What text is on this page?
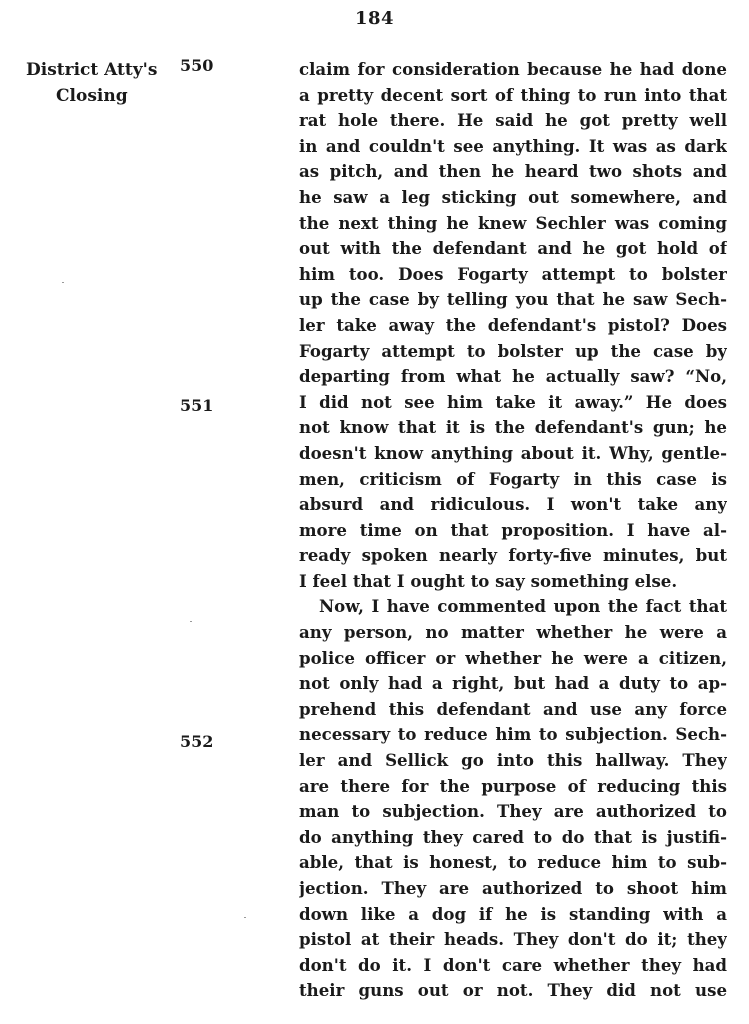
184
District Atty's
Closing
550
551
552
claim for consideration because he had done
a pretty decent sort of thing to run into that
rat hole there. He said he got pretty well
in and couldn't see anything. It was as dark
as pitch, and then he heard two shots and
he saw a leg sticking out somewhere, and
the next thing he knew Sechler was coming
out with the defendant and he got hold of
him too. Does Fogarty attempt to bolster
up the case by telling you that he saw Sech-
ler take away the defendant's pistol? Does
Fogarty attempt to bolster up the case by
departing from what he actually saw? “No,
I did not see him take it away.” He does
not know that it is the defendant's gun; he
doesn't know anything about it. Why, gentle-
men, criticism of Fogarty in this case is
absurd and ridiculous. I won't take any
more time on that proposition. I have al-
ready spoken nearly forty-five minutes, but
I feel that I ought to say something else.
Now, I have commented upon the fact that
any person, no matter whether he were a
police officer or whether he were a citizen,
not only had a right, but had a duty to ap-
prehend this defendant and use any force
necessary to reduce him to subjection. Sech-
ler and Sellick go into this hallway. They
are there for the purpose of reducing this
man to subjection. They are authorized to
do anything they cared to do that is justifi-
able, that is honest, to reduce him to sub-
jection. They are authorized to shoot him
down like a dog if he is standing with a
pistol at their heads. They don't do it; they
don't do it. I don't care whether they had
their guns out or not. They did not use
